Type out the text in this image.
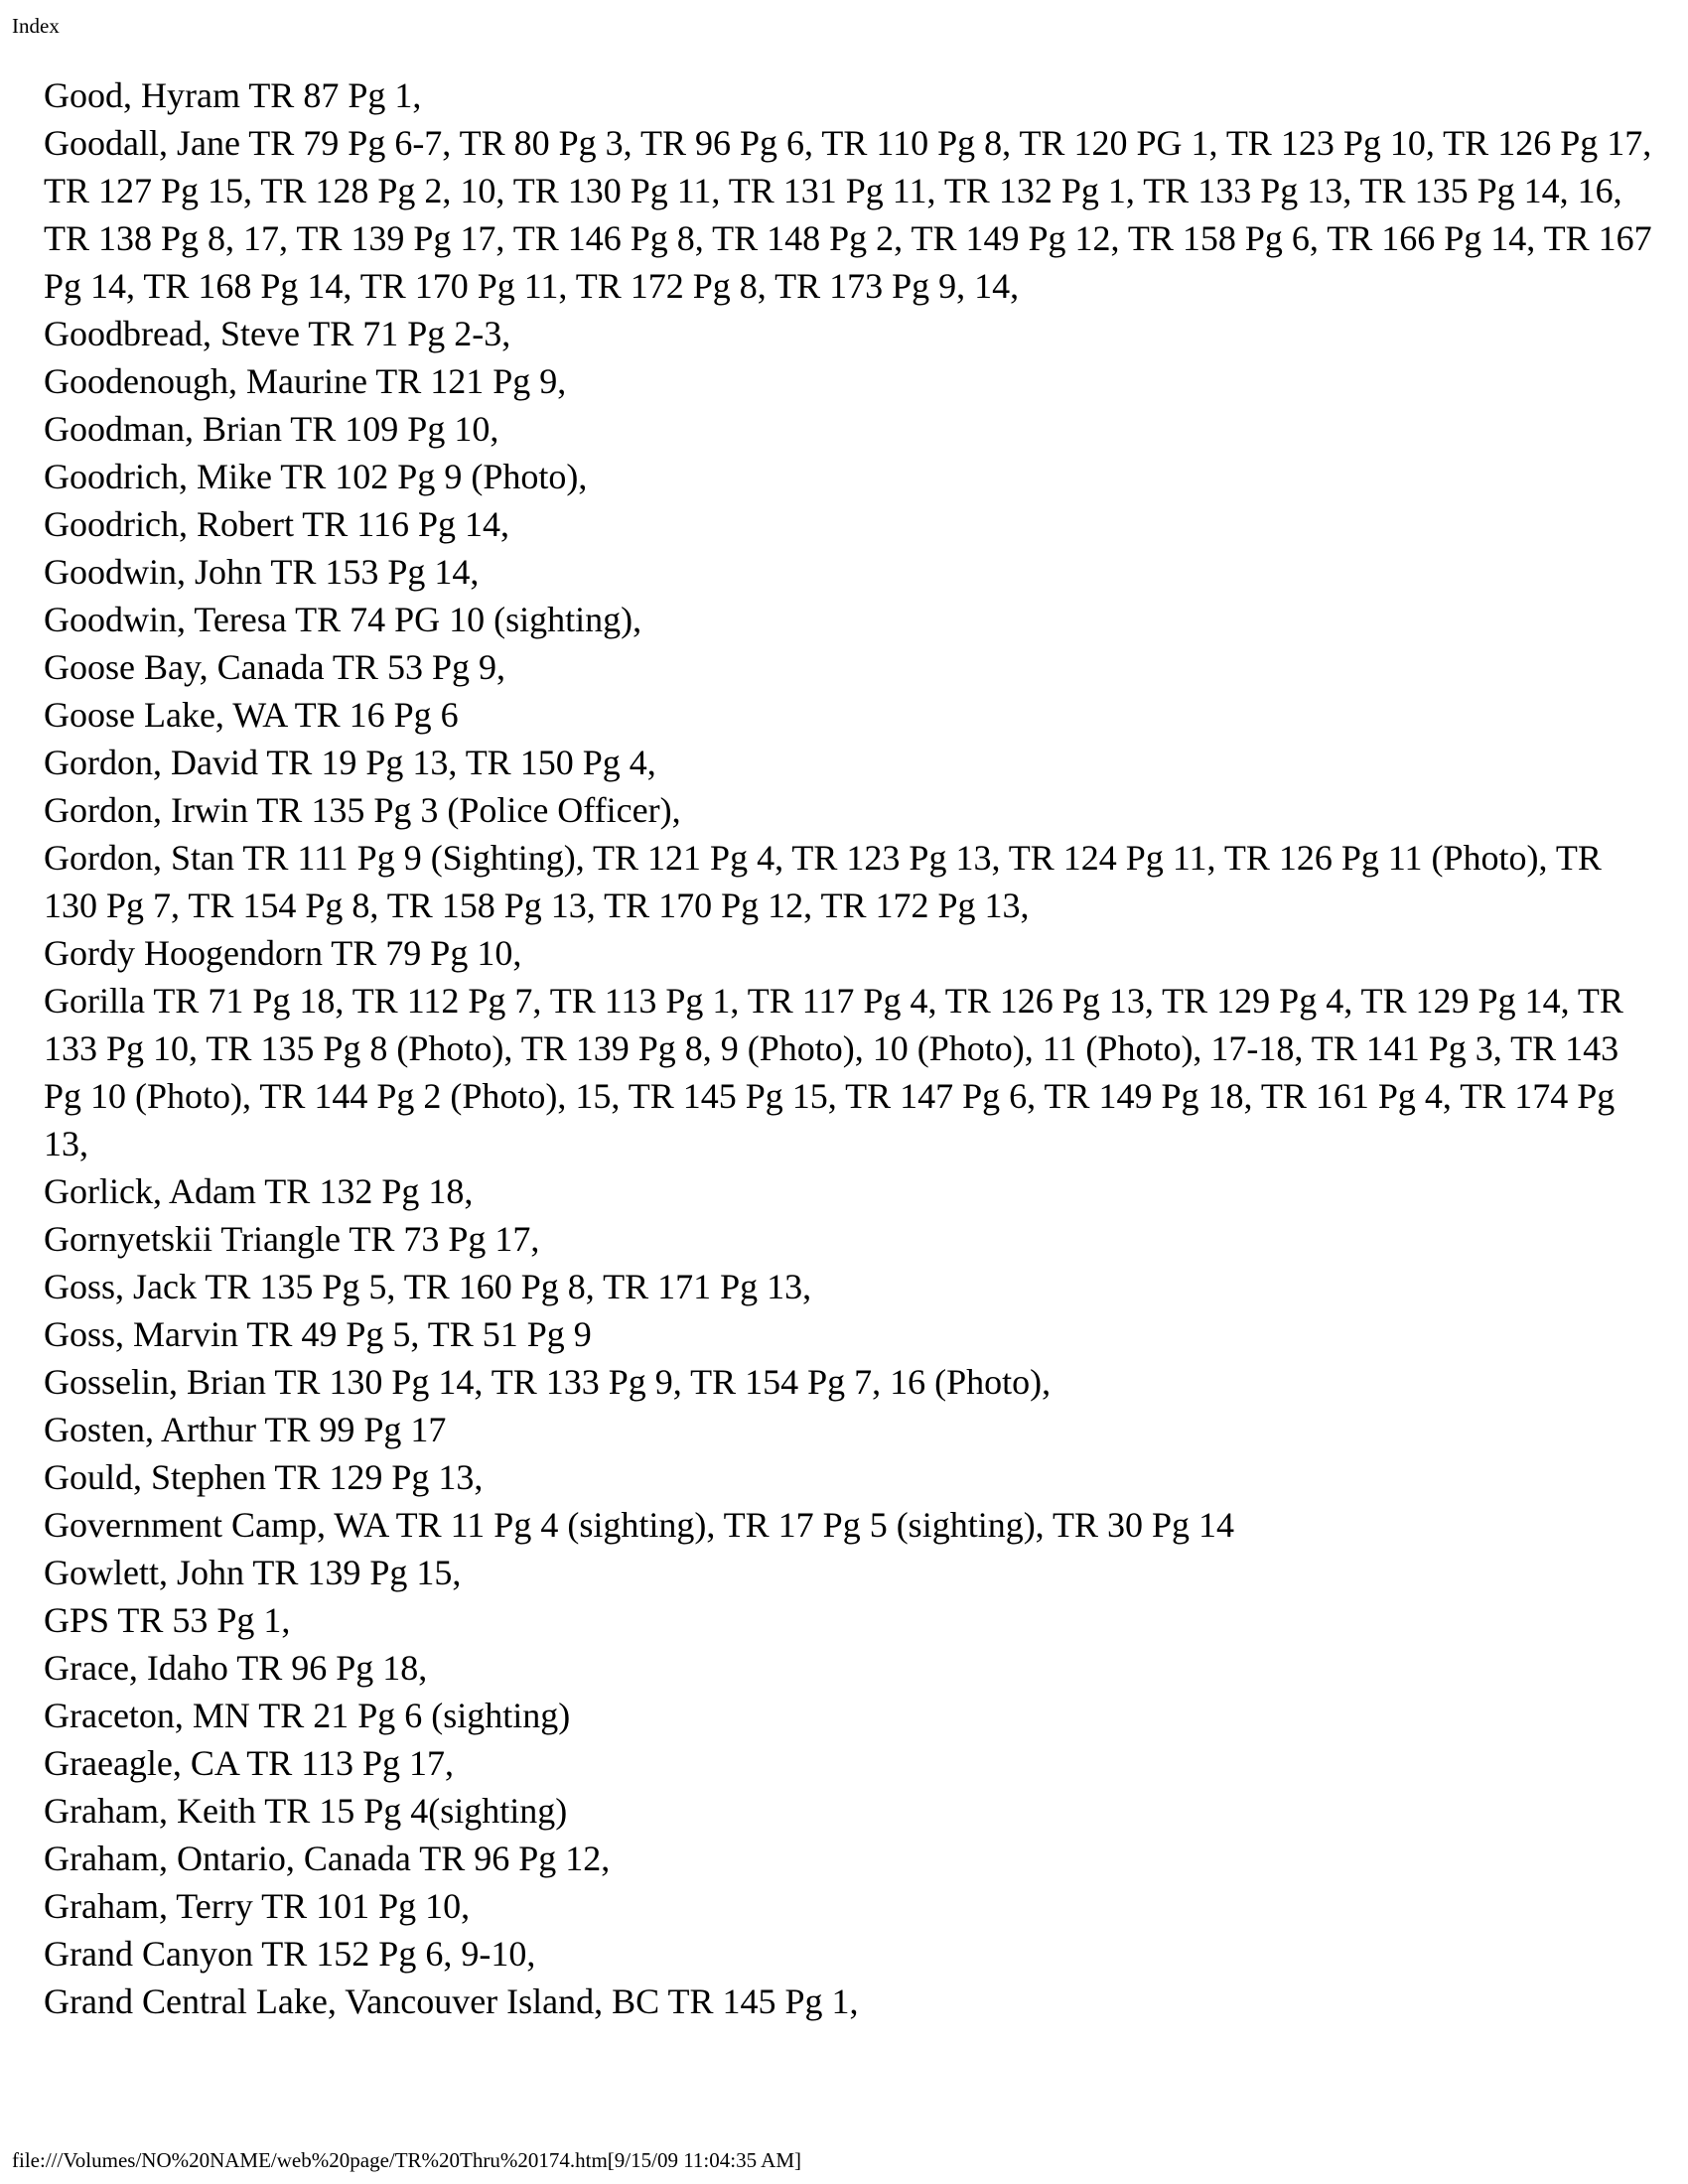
Index

Good, Hyram TR 87 Pg 1,

Goodall, Jane TR 79 Pg 6-7, TR 80 Pg 3, TR 96 Pg 6, TR 110 Pg 8, TR 120 PG 1, TR 123 Pg 10, TR 126 Pg 17, TR 127 Pg 15, TR 128 Pg 2, 10, TR 130 Pg 11, TR 131 Pg 11, TR 132 Pg 1, TR 133 Pg 13, TR 135 Pg 14, 16, TR 138 Pg 8, 17, TR 139 Pg 17, TR 146 Pg 8, TR 148 Pg 2, TR 149 Pg 12, TR 158 Pg 6, TR 166 Pg 14, TR 167 Pg 14, TR 168 Pg 14, TR 170 Pg 11, TR 172 Pg 8, TR 173 Pg 9, 14,

Goodbread, Steve TR 71 Pg 2-3,

Goodenough, Maurine TR 121 Pg 9,

Goodman, Brian TR 109 Pg 10,

Goodrich, Mike TR 102 Pg 9 (Photo),

Goodrich, Robert TR 116 Pg 14,

Goodwin, John TR 153 Pg 14,

Goodwin, Teresa TR 74 PG 10 (sighting),

Goose Bay, Canada TR 53 Pg 9,

Goose Lake, WA TR 16 Pg 6

Gordon, David TR 19 Pg 13, TR 150 Pg 4,

Gordon, Irwin TR 135 Pg 3 (Police Officer),

Gordon, Stan TR 111 Pg 9 (Sighting), TR 121 Pg 4, TR 123 Pg 13, TR 124 Pg 11, TR 126 Pg 11 (Photo), TR 130 Pg 7, TR 154 Pg 8, TR 158 Pg 13, TR 170 Pg 12, TR 172 Pg 13,

Gordy Hoogendorn TR 79 Pg 10,

Gorilla TR 71 Pg 18, TR 112 Pg 7, TR 113 Pg 1, TR 117 Pg 4, TR 126 Pg 13, TR 129 Pg 4, TR 129 Pg 14, TR 133 Pg 10, TR 135 Pg 8 (Photo), TR 139 Pg 8, 9 (Photo), 10 (Photo), 11 (Photo), 17-18, TR 141 Pg 3, TR 143 Pg 10 (Photo), TR 144 Pg 2 (Photo), 15, TR 145 Pg 15, TR 147 Pg 6, TR 149 Pg 18, TR 161 Pg 4, TR 174 Pg 13,

Gorlick, Adam TR 132 Pg 18,

Gornyetskii Triangle TR 73 Pg 17,

Goss, Jack TR 135 Pg 5, TR 160 Pg 8, TR 171 Pg 13,

Goss, Marvin TR 49 Pg 5, TR 51 Pg 9

Gosselin, Brian TR 130 Pg 14, TR 133 Pg 9, TR 154 Pg 7, 16 (Photo),

Gosten, Arthur TR 99 Pg 17

Gould, Stephen TR 129 Pg 13,

Government Camp, WA TR 11 Pg 4 (sighting), TR 17 Pg 5 (sighting), TR 30 Pg 14

Gowlett, John TR 139 Pg 15,

GPS TR 53 Pg 1,

Grace, Idaho TR 96 Pg 18,

Graceton, MN TR 21 Pg 6 (sighting)

Graeagle, CA TR 113 Pg 17,

Graham, Keith TR 15 Pg 4(sighting)

Graham, Ontario, Canada TR 96 Pg 12,

Graham, Terry TR 101 Pg 10,

Grand Canyon TR 152 Pg 6, 9-10,

Grand Central Lake, Vancouver Island, BC TR 145 Pg 1,

file:///Volumes/NO%20NAME/web%20page/TR%20Thru%20174.htm[9/15/09 11:04:35 AM]
